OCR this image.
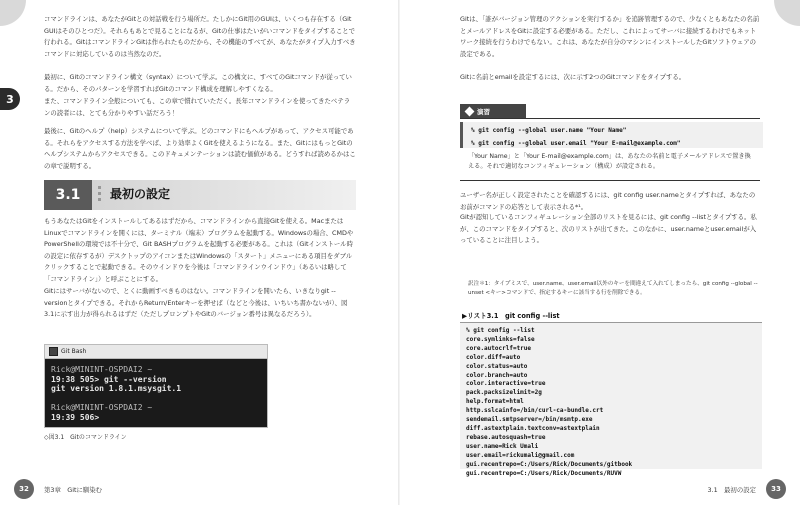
コマンドラインは、あなたがGitとの対話戦を行う場所だ。たしかにGit用のGUIは、いくつも存在する（Git GUIはそのひとつだ）。それらもあとで見ることになるが、Gitの仕事はたいがいコマンドをタイプすることで行われる。GitはコマンドラインGitは作られたものだから、その機能のすべてが、あなたがタイプ入力すべきコマンドに対応しているのは当然なのだ。

最初に、Gitのコマンドライン構文（syntax）について学ぶ。この構文に、すべてのGitコマンドが従っている。だから、そのパターンを学習すればGitのコマンド構成を理解しやすくなる。

また、コマンドライン全般についても、この章で慣れていただく。長年コマンドラインを使ってきたベテランの読者には、とても分かりやすい話だろう！

最後に、Gitのヘルプ（help）システムについて学ぶ。どのコマンドにもヘルプがあって、アクセス可能である。それらをアクセスする方法を学べば、より効率よくGitを使えるようになる。また、GitにはもっとGitのヘルプシステムからアクセスできる。このドキュメンテーションは読む価値がある。どうすれば読めるかはこの章で説明する。

3.1	最初の設定

もうあなたはGitをインストールしてあるはずだから、コマンドラインから直接Gitを使える。MacまたはLinuxでコマンドラインを開くには、ターミナル（端末）プログラムを起動する。Windowsの場合、CMDやPowerShellの環境では不十分で、Git BASHプログラムを起動する必要がある。これは（Gitインストール時の設定に依存するが）デスクトップのアイコンまたはWindowsの「スタート」メニューにある項目をダブルクリックすることで起動できる。そのウインドウを今後は「コマンドラインウインドウ」（あるいは略して「コマンドライン」）と呼ぶことにする。

Gitにはサーバがないので、とくに動画すべきものはない。コマンドラインを開いたら、いきなりgit --versionとタイプできる。それからReturn/Enterキーを押せば（などと今後は、いちいち書かないが）、図3.1に示す出力が得られるはずだ（ただしプロンプトやGitのバージョン番号は異なるだろう）。

Git Bash
Rick@MININT-OSPDAI2 ~
19:38 505> git --version
git version 1.8.1.msysgit.1

Rick@MININT-OSPDAI2 ~
19:39 506>
◇図3.1　Gitのコマンドライン
32	第3章　Gitに馴染む
3

Gitは、「誰がバージョン管理のアクションを実行するか」を追跡管理するので、少なくともあなたの名前とメールアドレスをGitに設定する必要がある。ただし、これによってサーバに接続するわけでもネットワーク接続を行うわけでもない。これは、あなたが自分のマシンにインストールしたGitソフトウェアの設定である。

Gitに名前とemailを設定するには、次に示す2つのGitコマンドをタイプする。

ユーザー名が正しく設定されたことを確認するには、git config user.nameとタイプすれば、あなたのお前がコマンドの応答として表示される*¹。

Gitが認知しているコンフィギュレーション全部のリストを見るには、git config --listとタイプする。私が、このコマンドをタイプすると、次のリストが出てきた。このなかに、user.nameとuser.emailが入っていることに注目しよう。

演習
% git config --global user.name "Your Name"
% git config --global user.email "Your E-mail@example.com"
「Your Name」と「Your E-mail@example.com」は、あなたの名前と電子メールアドレスで置き換える。それで適切なコンフィギュレーション（構成）が設定される。
訳注＊1：タイプミスで、user.name、user.email以外のキーを間違えて入れてしまったら、git config --global --unset <キー>コマンドで、指定するキーに該当する行を削除できる。
▶リスト3.1　git config --list
% git config --list
core.symlinks=false
core.autocrlf=true
color.diff=auto
color.status=auto
color.branch=auto
color.interactive=true
pack.packsizelimit=2g
help.format=html
http.sslcainfo=/bin/curl-ca-bundle.crt
sendemail.smtpserver=/bin/msmtp.exe
diff.astextplain.textconv=astextplain
rebase.autosquash=true
user.name=Rick Umali
user.email=rickumali@gmail.com
gui.recentrepo=C:/Users/Rick/Documents/gitbook
gui.recentrepo=C:/Users/Rick/Documents/RUVW
3.1　最初の設定	33
